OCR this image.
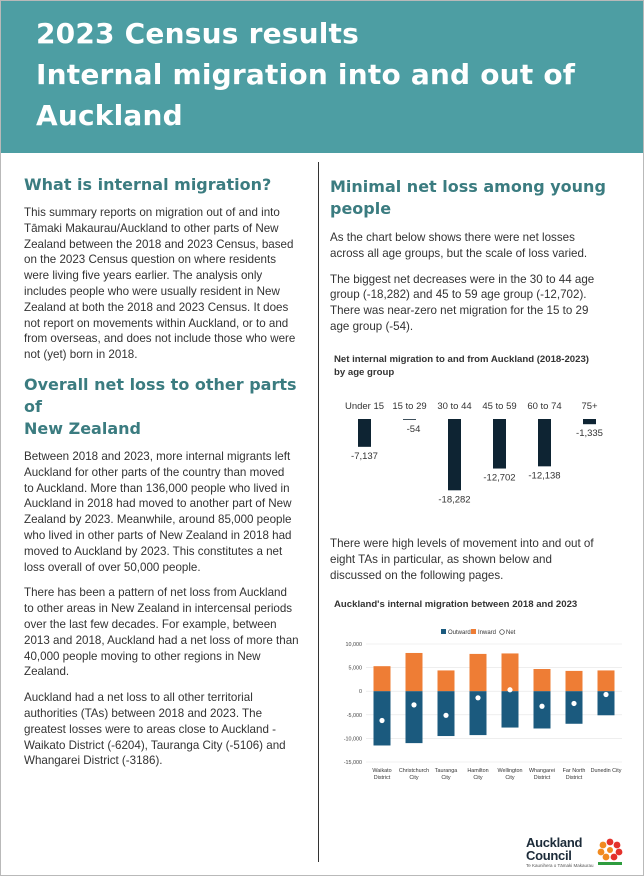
2023 Census results
Internal migration into and out of
Auckland
What is internal migration?

This summary reports on migration out of and into
Tāmaki Makaurau/Auckland to other parts of New
Zealand between the 2018 and 2023 Census, based
on the 2023 Census question on where residents
were living five years earlier. The analysis only
includes people who were usually resident in New
Zealand at both the 2018 and 2023 Census. It does
not report on movements within Auckland, or to and
from overseas, and does not include those who were
not (yet) born in 2018.

Overall net loss to other parts of
New Zealand

Between 2018 and 2023, more internal migrants left
Auckland for other parts of the country than moved
to Auckland. More than 136,000 people who lived in
Auckland in 2018 had moved to another part of New
Zealand by 2023. Meanwhile, around 85,000 people
who lived in other parts of New Zealand in 2018 had
moved to Auckland by 2023. This constitutes a net
loss overall of over 50,000 people.

There has been a pattern of net loss from Auckland
to other areas in New Zealand in intercensal periods
over the last few decades. For example, between
2013 and 2018, Auckland had a net loss of more than
40,000 people moving to other regions in New
Zealand.

Auckland had a net loss to all other territorial
authorities (TAs) between 2018 and 2023. The
greatest losses were to areas close to Auckland -
Waikato District (-6204), Tauranga City (-5106) and
Whangarei District (-3186).

Minimal net loss among young
people

As the chart below shows there were net losses
across all age groups, but the scale of loss varied.

The biggest net decreases were in the 30 to 44 age
group (-18,282) and 45 to 59 age group (-12,702).
There was near-zero net migration for the 15 to 29
age group (-54).

Net internal migration to and from Auckland (2018-2023)
by age group
Under 15
-7,137
15 to 29
-54
30 to 44
-18,282
45 to 59
-12,702
60 to 74
-12,138
75+
-1,335

There were high levels of movement into and out of
eight TAs in particular, as shown below and
discussed on the following pages.

Auckland's internal migration between 2018 and 2023
Outward Inward Net
10,000
5,000
0
-5,000
-10,000
-15,000
Waikato
District
Christchurch
City
Tauranga
City
Hamilton
City
Wellington
City
Whangarei
District
Far North
District
Dunedin City
Auckland
Council
Te Kaunihera o Tāmaki Makaurau
